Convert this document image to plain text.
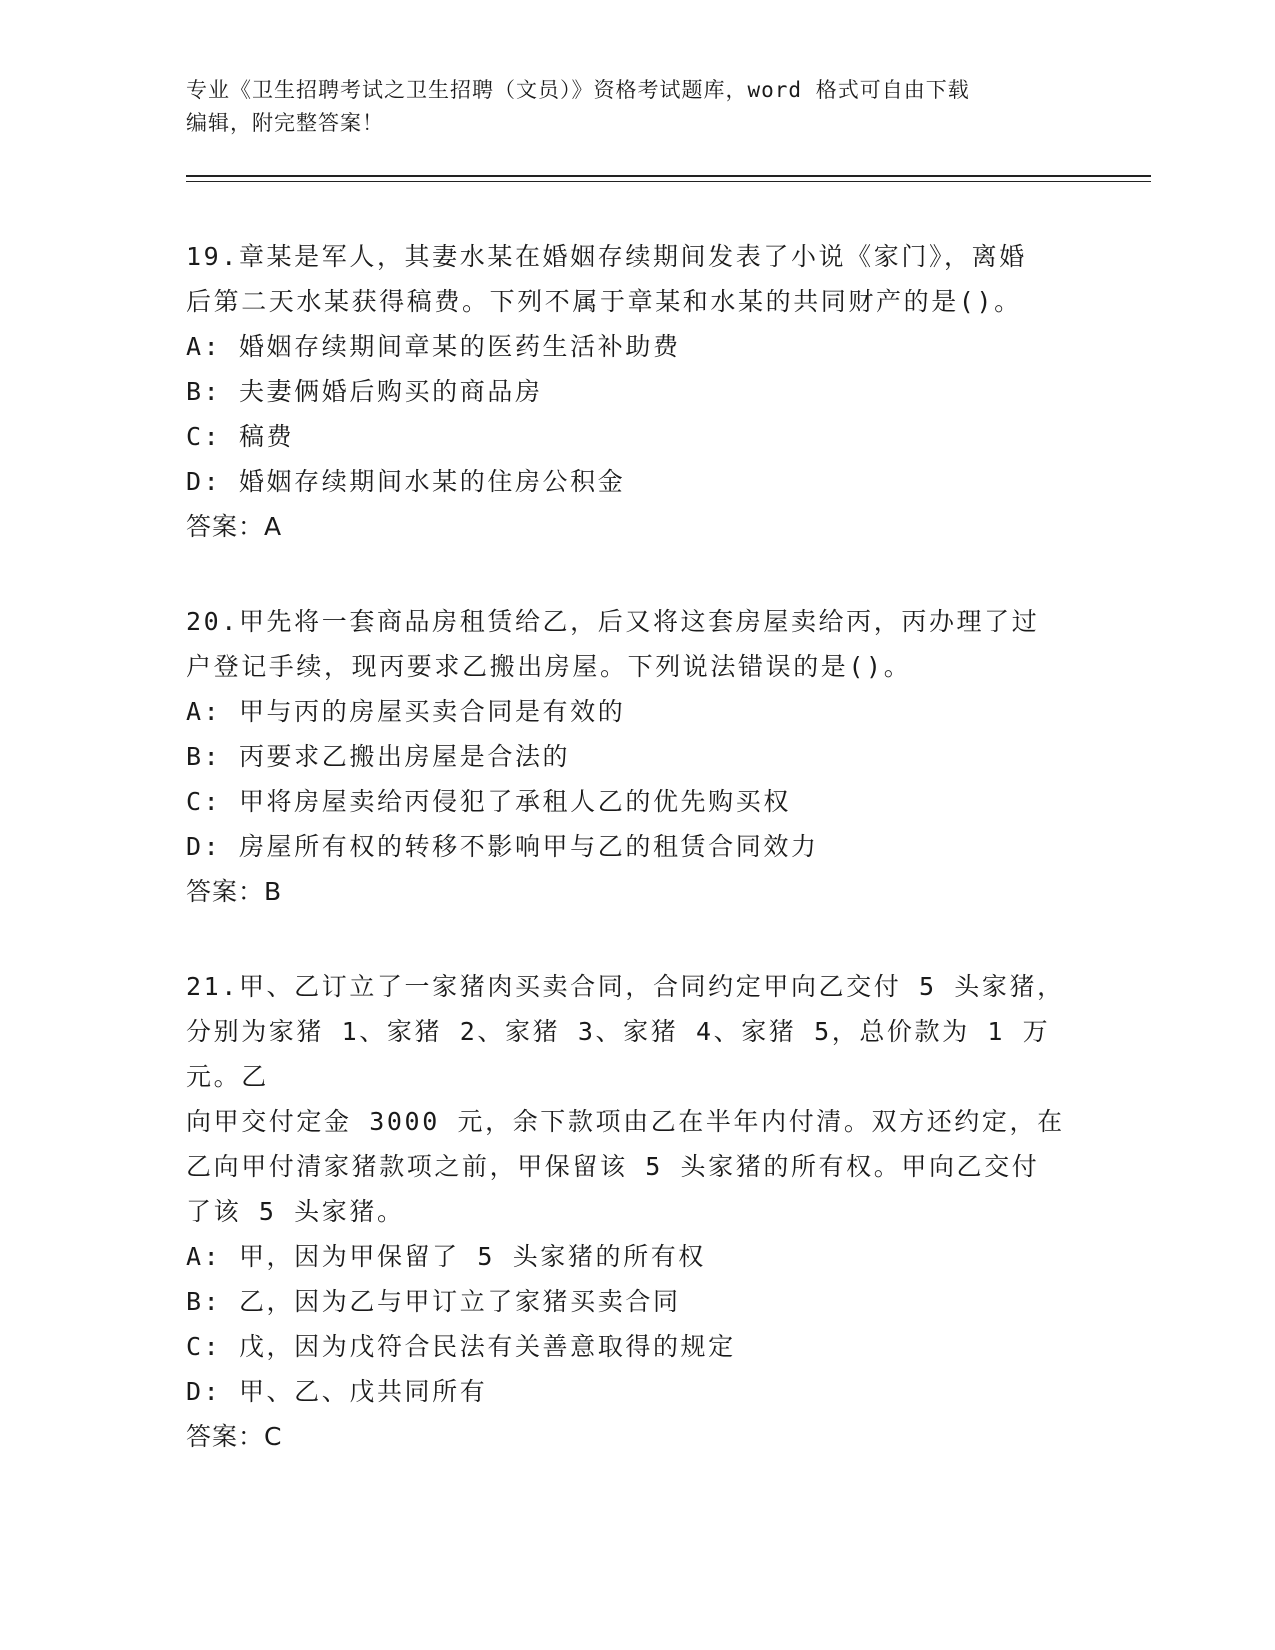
专业《卫生招聘考试之卫生招聘（文员）》资格考试题库，word 格式可自由下载
编辑，附完整答案！

19.章某是军人，其妻水某在婚姻存续期间发表了小说《家门》，离婚

后第二天水某获得稿费。下列不属于章某和水某的共同财产的是()。

A: 婚姻存续期间章某的医药生活补助费

B: 夫妻俩婚后购买的商品房

C: 稿费

D: 婚姻存续期间水某的住房公积金

答案：A

20.甲先将一套商品房租赁给乙，后又将这套房屋卖给丙，丙办理了过

户登记手续，现丙要求乙搬出房屋。下列说法错误的是()。

A: 甲与丙的房屋买卖合同是有效的

B: 丙要求乙搬出房屋是合法的

C: 甲将房屋卖给丙侵犯了承租人乙的优先购买权

D: 房屋所有权的转移不影响甲与乙的租赁合同效力

答案：B

21.甲、乙订立了一家猪肉买卖合同，合同约定甲向乙交付 5 头家猪，

分别为家猪 1、家猪 2、家猪 3、家猪 4、家猪 5，总价款为 1 万元。乙

向甲交付定金 3000 元，余下款项由乙在半年内付清。双方还约定，在

乙向甲付清家猪款项之前，甲保留该 5 头家猪的所有权。甲向乙交付

了该 5 头家猪。

A: 甲，因为甲保留了 5 头家猪的所有权

B: 乙，因为乙与甲订立了家猪买卖合同

C: 戊，因为戊符合民法有关善意取得的规定

D: 甲、乙、戊共同所有

答案：C
